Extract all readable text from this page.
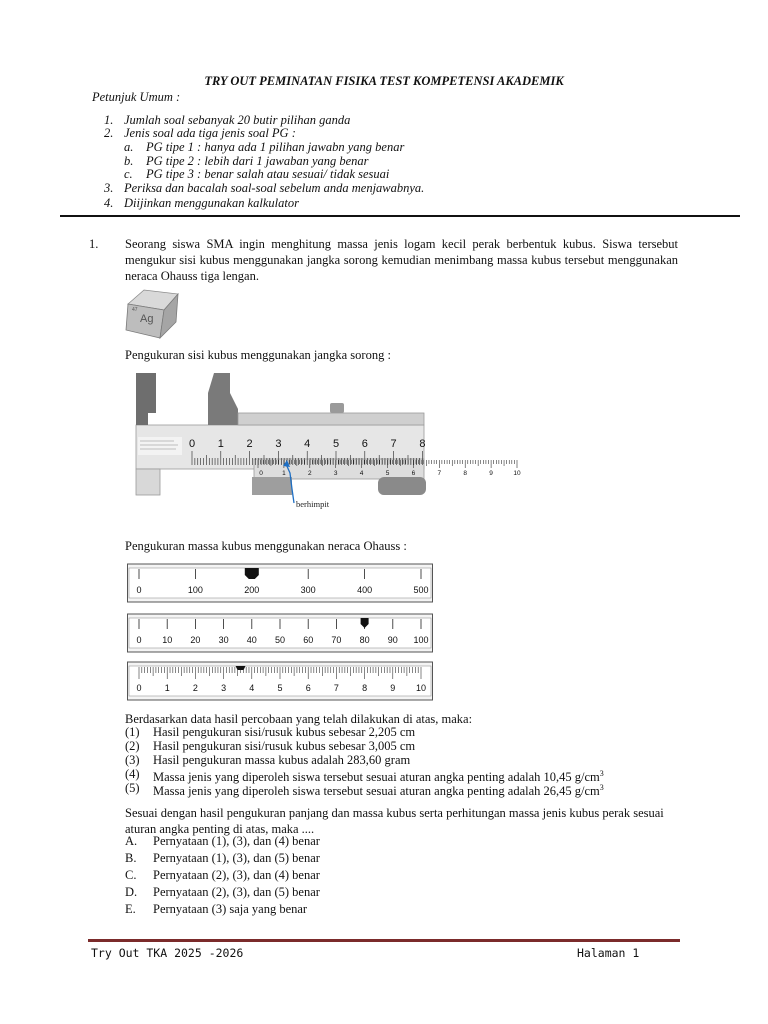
TRY OUT PEMINATAN FISIKA TEST KOMPETENSI AKADEMIK
Petunjuk Umum :
1. Jumlah soal sebanyak 20 butir pilihan ganda
2. Jenis soal ada tiga jenis soal PG :
a. PG tipe 1 : hanya ada 1 pilihan jawabn yang benar
b. PG tipe 2 : lebih dari 1 jawaban yang benar
c. PG tipe 3 : benar salah atau sesuai/ tidak sesuai
3. Periksa dan bacalah soal-soal sebelum anda menjawabnya.
4. Diijinkan menggunakan kalkulator
1. Seorang siswa SMA ingin menghitung massa jenis logam kecil perak berbentuk kubus. Siswa tersebut mengukur sisi kubus menggunakan jangka sorong kemudian menimbang massa kubus tersebut menggunakan neraca Ohauss tiga lengan.
47
Ag
Pengukuran sisi kubus menggunakan jangka sorong :
0 1 2 3 4 5 6 7 8
0	1	2	3	4	5	6	7	8	9	10
berhimpit
Pengukuran massa kubus menggunakan neraca Ohauss :
0	100	200	300	400	500
0 10 20 30 40 50 60 70 80 90 100
0	1	2	3	4	5	6	7	8	9 10
Berdasarkan data hasil percobaan yang telah dilakukan di atas, maka:
(1) Hasil pengukuran sisi/rusuk kubus sebesar 2,205 cm
(2) Hasil pengukuran sisi/rusuk kubus sebesar 3,005 cm
(3) Hasil pengukuran massa kubus adalah 283,60 gram
(4) Massa jenis yang diperoleh siswa tersebut sesuai aturan angka penting adalah 10,45 $g/cm^3$
(5) Massa jenis yang diperoleh siswa tersebut sesuai aturan angka penting adalah 26,45 $g/cm^3$
Sesuai dengan hasil pengukuran panjang dan massa kubus serta perhitungan massa jenis kubus perak sesuai aturan angka penting di atas, maka ....
A. Pernyataan (1), (3), dan (4) benar
B. Pernyataan (1), (3), dan (5) benar
C. Pernyataan (2), (3), dan (4) benar
D. Pernyataan (2), (3), dan (5) benar
E. Pernyataan (3) saja yang benar
Try Out TKA 2025 -2026	Halaman 1
